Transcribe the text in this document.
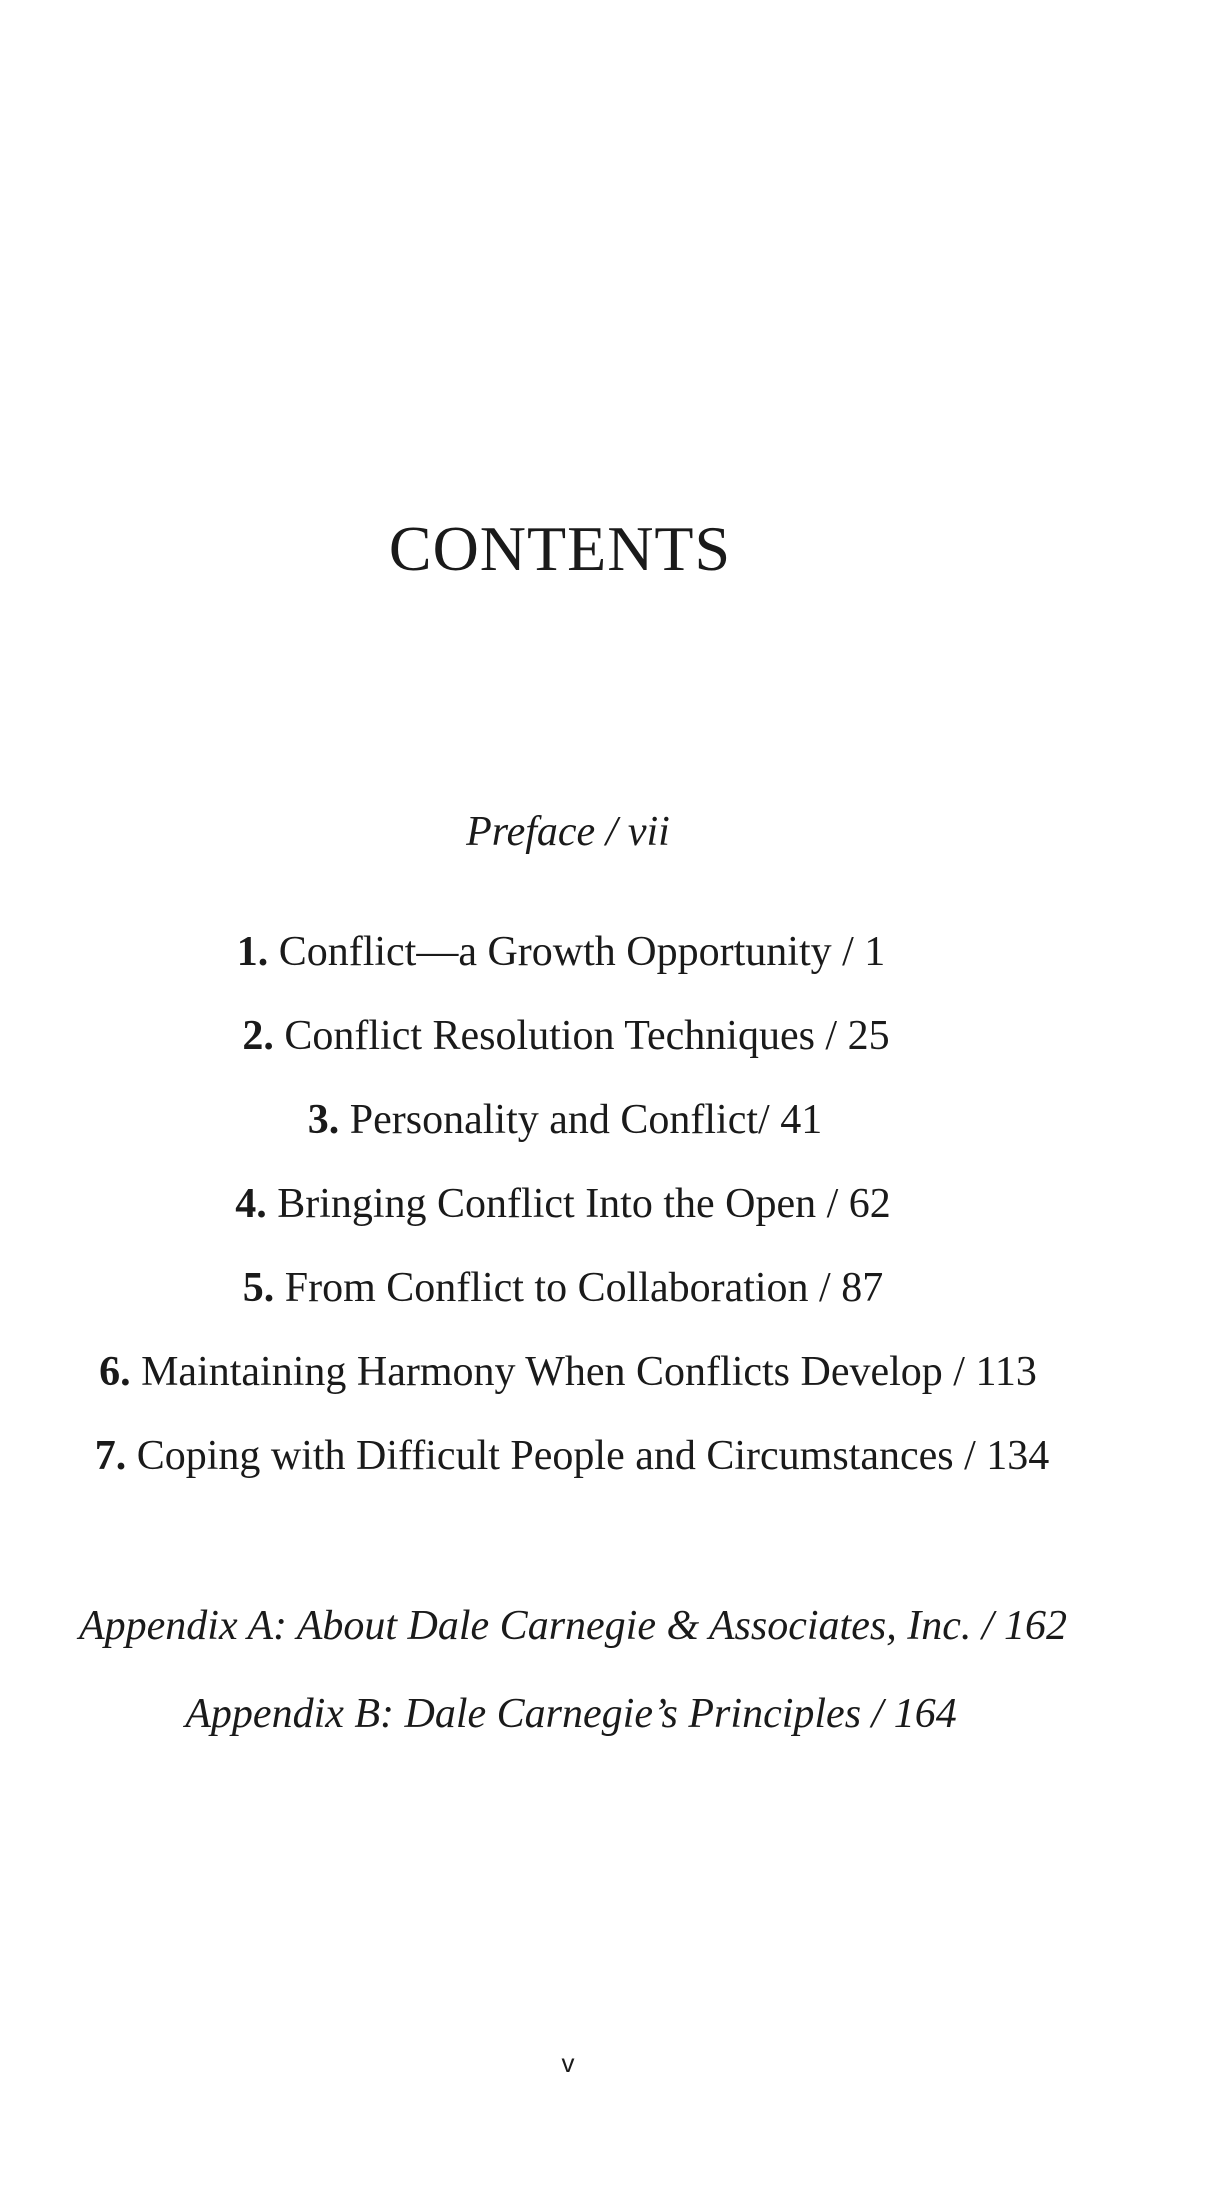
CONTENTS
Preface / vii
1. Conflict—a Growth Opportunity / 1
2. Conflict Resolution Techniques / 25
3. Personality and Conflict/ 41
4. Bringing Conflict Into the Open / 62
5. From Conflict to Collaboration / 87
6. Maintaining Harmony When Conflicts Develop / 113
7. Coping with Difficult People and Circumstances / 134
Appendix A: About Dale Carnegie & Associates, Inc. / 162
Appendix B: Dale Carnegie’s Principles / 164
v
